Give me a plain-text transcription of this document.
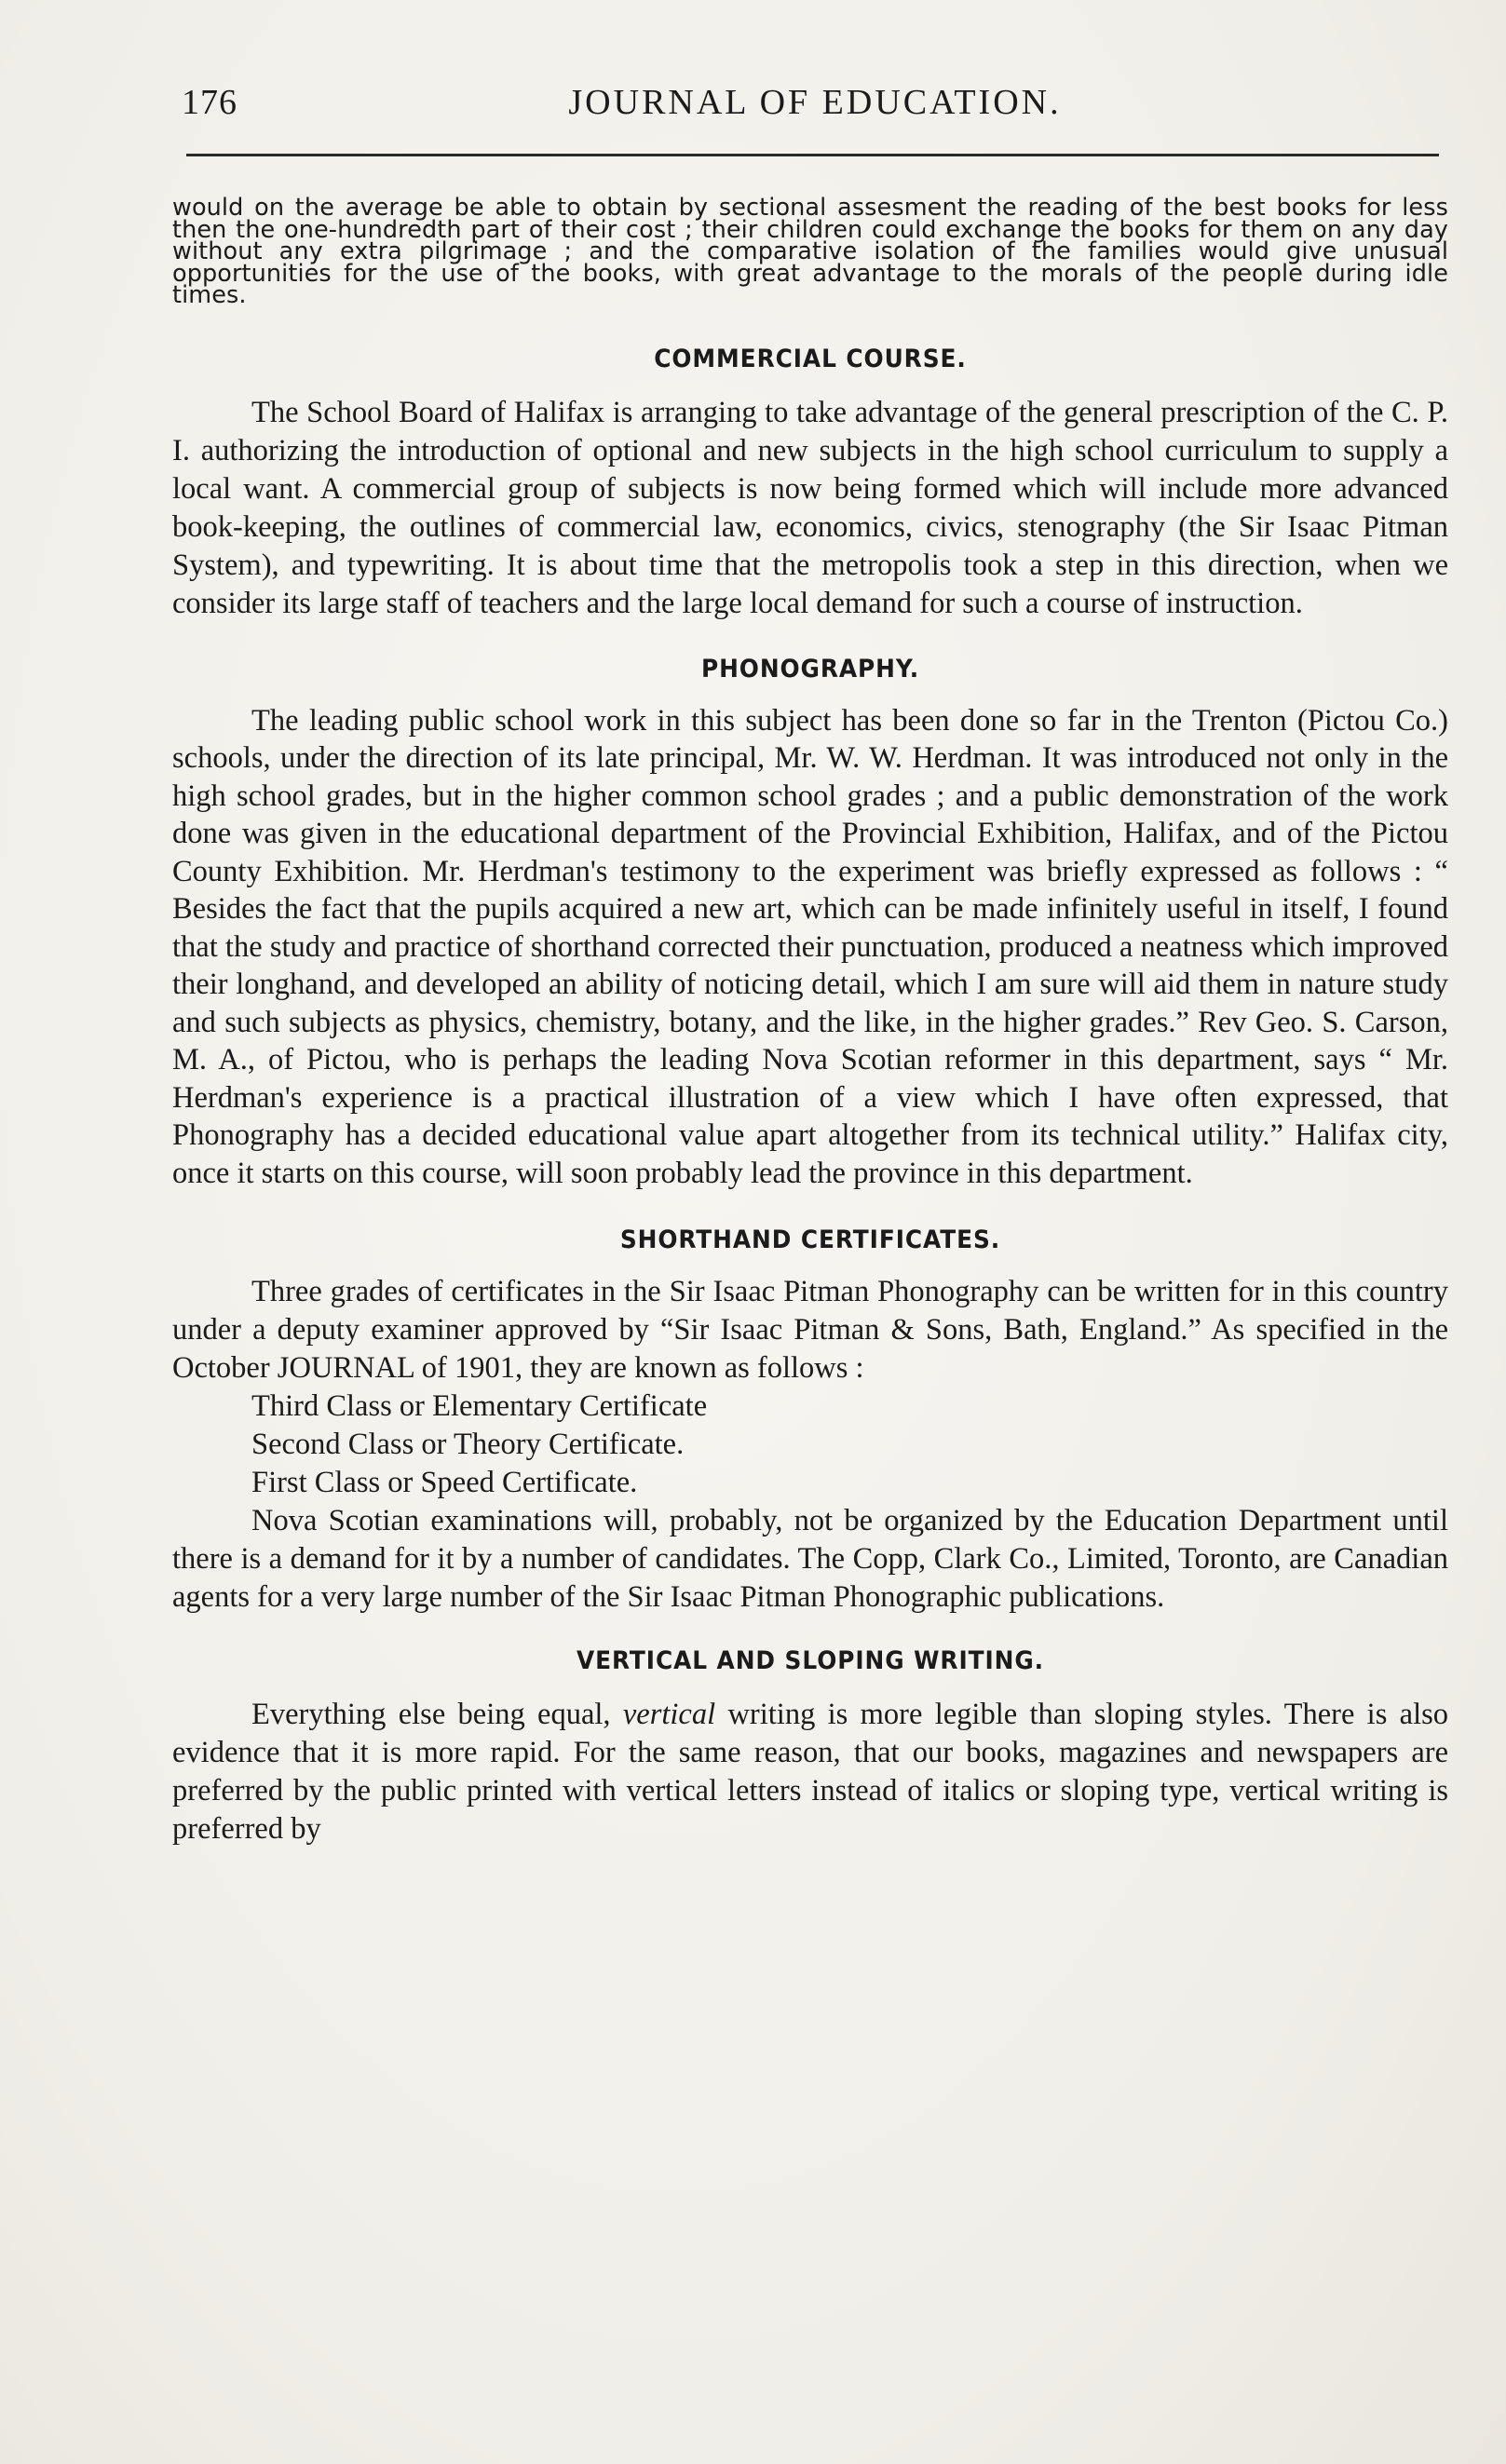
176	JOURNAL OF EDUCATION.

would on the average be able to obtain by sectional assesment the reading of the best books for less then the one-hundredth part of their cost ; their children could exchange the books for them on any day without any extra pilgrimage ; and the comparative isolation of the families would give unusual opportunities for the use of the books, with great advantage to the morals of the people during idle times.

COMMERCIAL COURSE.

The School Board of Halifax is arranging to take advantage of the general prescription of the C. P. I. authorizing the introduction of optional and new subjects in the high school curriculum to supply a local want. A commercial group of subjects is now being formed which will include more advanced book-keeping, the outlines of commercial law, economics, civics, stenography (the Sir Isaac Pitman System), and typewriting. It is about time that the metropolis took a step in this direction, when we consider its large staff of teachers and the large local demand for such a course of instruction.

PHONOGRAPHY.

The leading public school work in this subject has been done so far in the Trenton (Pictou Co.) schools, under the direction of its late principal, Mr. W. W. Herdman. It was introduced not only in the high school grades, but in the higher common school grades ; and a public demonstration of the work done was given in the educational department of the Provincial Exhibition, Halifax, and of the Pictou County Exhibition. Mr. Herdman's testimony to the experiment was briefly expressed as follows : “ Besides the fact that the pupils acquired a new art, which can be made infinitely useful in itself, I found that the study and practice of shorthand corrected their punctuation, produced a neatness which improved their longhand, and developed an ability of noticing detail, which I am sure will aid them in nature study and such subjects as physics, chemistry, botany, and the like, in the higher grades.” Rev Geo. S. Carson, M. A., of Pictou, who is perhaps the leading Nova Scotian reformer in this department, says “ Mr. Herdman's experience is a practical illustration of a view which I have often expressed, that Phonography has a decided educational value apart altogether from its technical utility.” Halifax city, once it starts on this course, will soon probably lead the province in this department.

SHORTHAND CERTIFICATES.

Three grades of certificates in the Sir Isaac Pitman Phonography can be written for in this country under a deputy examiner approved by “Sir Isaac Pitman & Sons, Bath, England.” As specified in the October JOURNAL of 1901, they are known as follows :

Third Class or Elementary Certificate
Second Class or Theory Certificate.
First Class or Speed Certificate.

Nova Scotian examinations will, probably, not be organized by the Education Department until there is a demand for it by a number of candidates. The Copp, Clark Co., Limited, Toronto, are Canadian agents for a very large number of the Sir Isaac Pitman Phonographic publications.

VERTICAL AND SLOPING WRITING.

Everything else being equal, vertical writing is more legible than sloping styles. There is also evidence that it is more rapid. For the same reason, that our books, magazines and newspapers are preferred by the public printed with vertical letters instead of italics or sloping type, vertical writing is preferred by
